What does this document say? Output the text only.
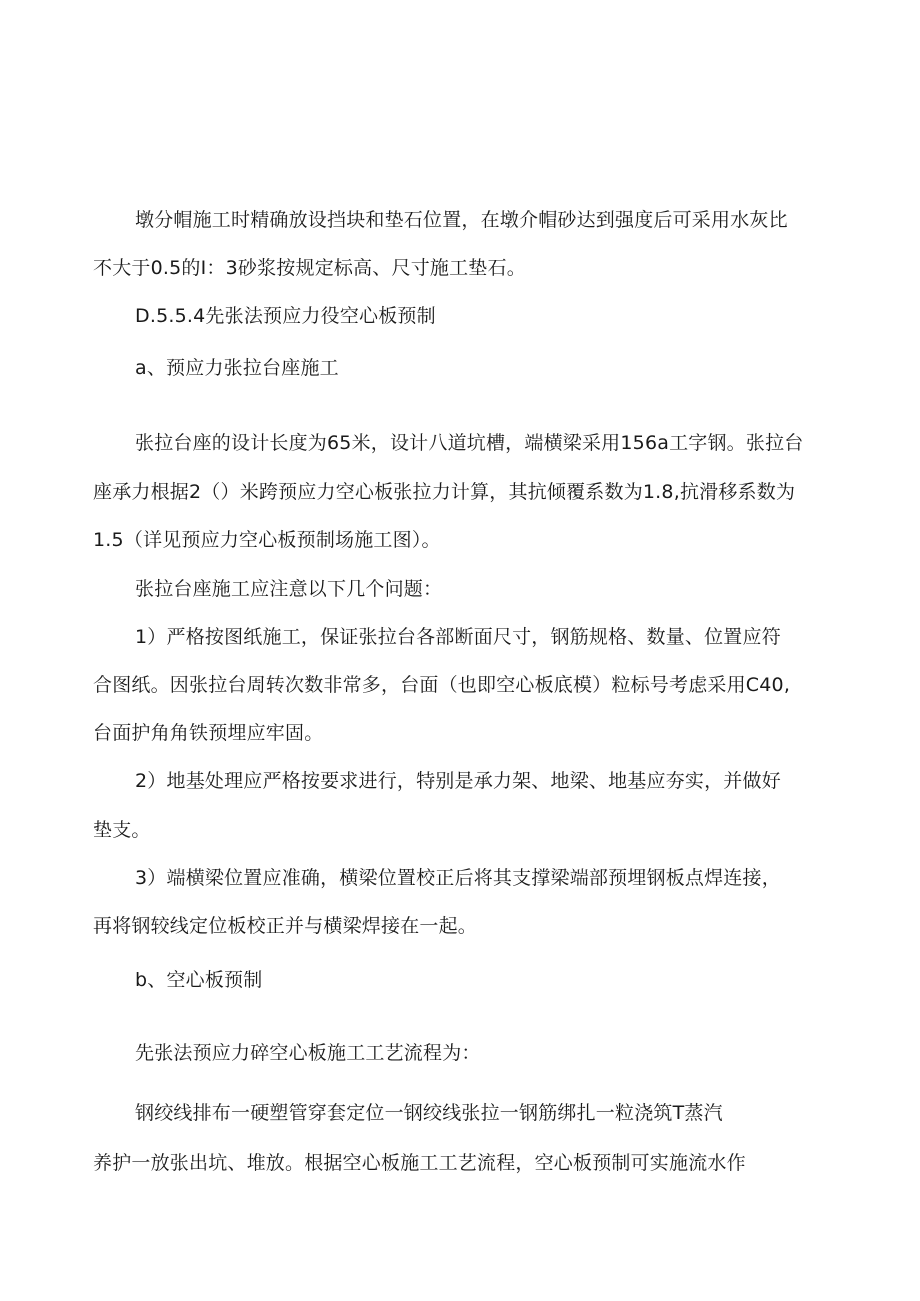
墩分帽施工时精确放设挡块和垫石位置，在墩介帽砂达到强度后可采用水灰比
不大于0.5的I：3砂浆按规定标高、尺寸施工垫石。
D.5.5.4先张法预应力役空心板预制
a、预应力张拉台座施工
张拉台座的设计长度为65米，设计八道坑槽，端横梁采用156a工字钢。张拉台
座承力根据2（）米跨预应力空心板张拉力计算，其抗倾覆系数为1.8,抗滑移系数为
1.5（详见预应力空心板预制场施工图）。
张拉台座施工应注意以下几个问题：
1）严格按图纸施工，保证张拉台各部断面尺寸，钢筋规格、数量、位置应符
合图纸。因张拉台周转次数非常多，台面（也即空心板底模）粒标号考虑采用C40,
台面护角角铁预埋应牢固。
2）地基处理应严格按要求进行，特别是承力架、地梁、地基应夯实，并做好
垫支。
3）端横梁位置应准确，横梁位置校正后将其支撑梁端部预埋钢板点焊连接，
再将钢较线定位板校正并与横梁焊接在一起。
b、空心板预制
先张法预应力碎空心板施工工艺流程为：
钢绞线排布一硬塑管穿套定位一钢绞线张拉一钢筋绑扎一粒浇筑T蒸汽
养护一放张出坑、堆放。根据空心板施工工艺流程，空心板预制可实施流水作
